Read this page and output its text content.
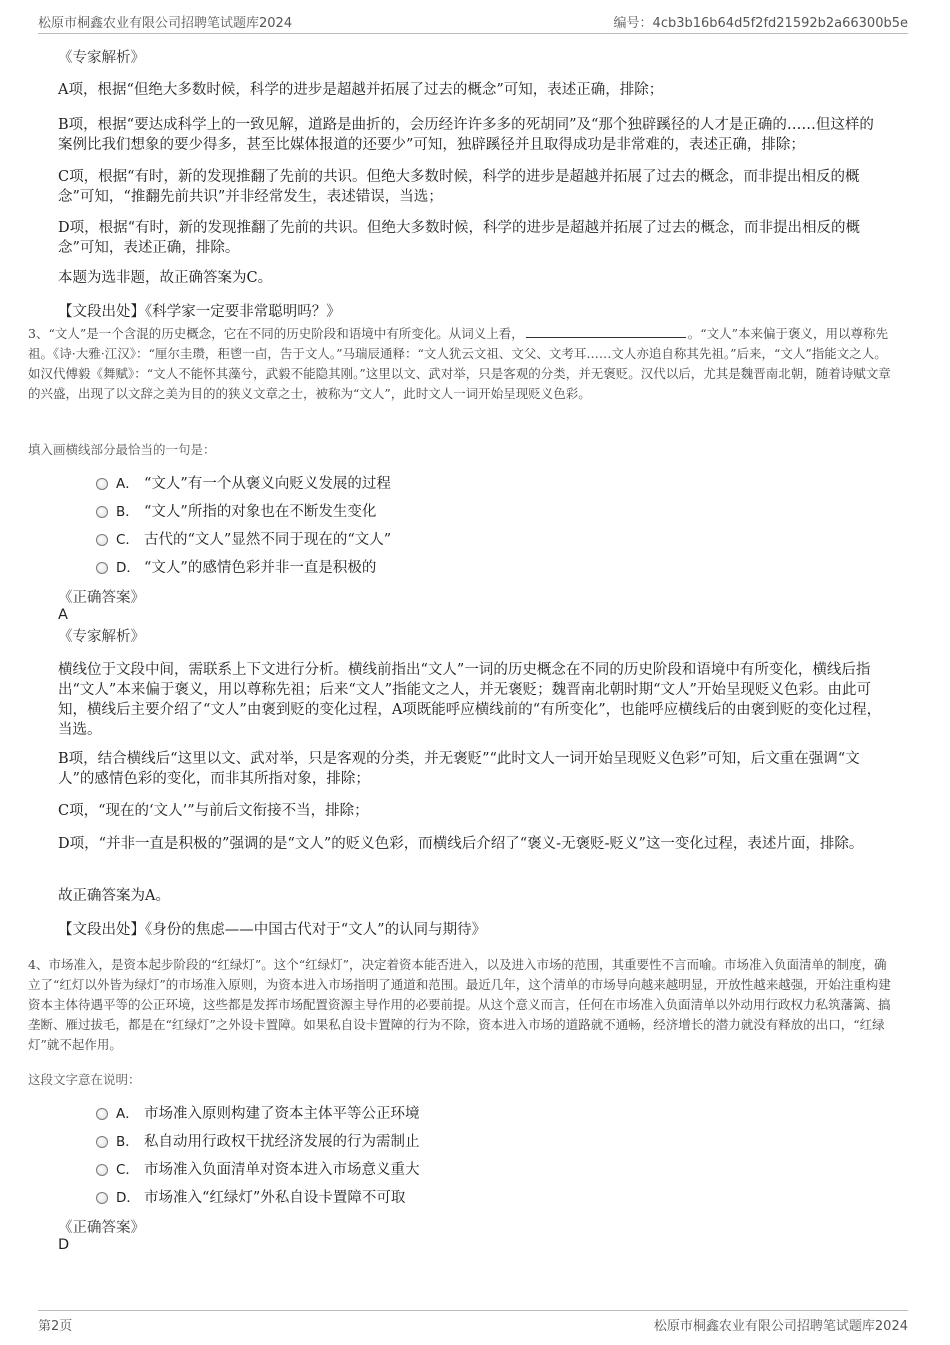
松原市桐鑫农业有限公司招聘笔试题库2024	编号：4cb3b16b64d5f2fd21592b2a66300b5e
《专家解析》
A项，根据“但绝大多数时候，科学的进步是超越并拓展了过去的概念”可知，表述正确，排除；
B项，根据“要达成科学上的一致见解，道路是曲折的，会历经许许多多的死胡同”及“那个独辟蹊径的人才是正确的……但这样的案例比我们想象的要少得多，甚至比媒体报道的还要少”可知，独辟蹊径并且取得成功是非常难的，表述正确，排除；
C项，根据“有时，新的发现推翻了先前的共识。但绝大多数时候，科学的进步是超越并拓展了过去的概念，而非提出相反的概念”可知，“推翻先前共识”并非经常发生，表述错误，当选；
D项，根据“有时，新的发现推翻了先前的共识。但绝大多数时候，科学的进步是超越并拓展了过去的概念，而非提出相反的概念”可知，表述正确，排除。
本题为选非题，故正确答案为C。
【文段出处】《科学家一定要非常聪明吗？》
3、“文人”是一个含混的历史概念，它在不同的历史阶段和语境中有所变化。从词义上看，	。“文人”本来偏于褒义，用以尊称先祖。《诗·大雅·江汉》：“厘尔圭瓒，秬鬯一卣，告于文人。”马瑞辰通释：“文人犹云文祖、文父、文考耳……文人亦追自称其先祖。”后来，“文人”指能文之人。如汉代傅毅《舞赋》：“文人不能怀其藻兮，武毅不能隐其刚。”这里以文、武对举，只是客观的分类，并无褒贬。汉代以后，尤其是魏晋南北朝，随着诗赋文章的兴盛，出现了以文辞之美为目的的狭义文章之士，被称为“文人”，此时文人一词开始呈现贬义色彩。
填入画横线部分最恰当的一句是：
A． “文人”有一个从褒义向贬义发展的过程
B． “文人”所指的对象也在不断发生变化
C． 古代的“文人”显然不同于现在的“文人”
D． “文人”的感情色彩并非一直是积极的
《正确答案》
A
《专家解析》
横线位于文段中间，需联系上下文进行分析。横线前指出“文人”一词的历史概念在不同的历史阶段和语境中有所变化，横线后指出“文人”本来偏于褒义，用以尊称先祖；后来“文人”指能文之人，并无褒贬；魏晋南北朝时期“文人”开始呈现贬义色彩。由此可知，横线后主要介绍了“文人”由褒到贬的变化过程，A项既能呼应横线前的“有所变化”，也能呼应横线后的由褒到贬的变化过程，当选。
B项，结合横线后“这里以文、武对举，只是客观的分类，并无褒贬”“此时文人一词开始呈现贬义色彩”可知，后文重在强调“文人”的感情色彩的变化，而非其所指对象，排除；
C项，“现在的‘文人’”与前后文衔接不当，排除；
D项，“并非一直是积极的”强调的是“文人”的贬义色彩，而横线后介绍了“褒义-无褒贬-贬义”这一变化过程，表述片面，排除。
故正确答案为A。
【文段出处】《身份的焦虑——中国古代对于“文人”的认同与期待》
4、市场准入，是资本起步阶段的“红绿灯”。这个“红绿灯”，决定着资本能否进入，以及进入市场的范围，其重要性不言而喻。市场准入负面清单的制度，确立了“红灯以外皆为绿灯”的市场准入原则，为资本进入市场指明了通道和范围。最近几年，这个清单的市场导向越来越明显，开放性越来越强，开始注重构建资本主体待遇平等的公正环境，这些都是发挥市场配置资源主导作用的必要前提。从这个意义而言，任何在市场准入负面清单以外动用行政权力私筑藩篱、搞垄断、雁过拔毛，都是在“红绿灯”之外设卡置障。如果私自设卡置障的行为不除，资本进入市场的道路就不通畅，经济增长的潜力就没有释放的出口，“红绿灯”就不起作用。
这段文字意在说明：
A． 市场准入原则构建了资本主体平等公正环境
B． 私自动用行政权干扰经济发展的行为需制止
C． 市场准入负面清单对资本进入市场意义重大
D． 市场准入“红绿灯”外私自设卡置障不可取
《正确答案》
D
第2页	松原市桐鑫农业有限公司招聘笔试题库2024
